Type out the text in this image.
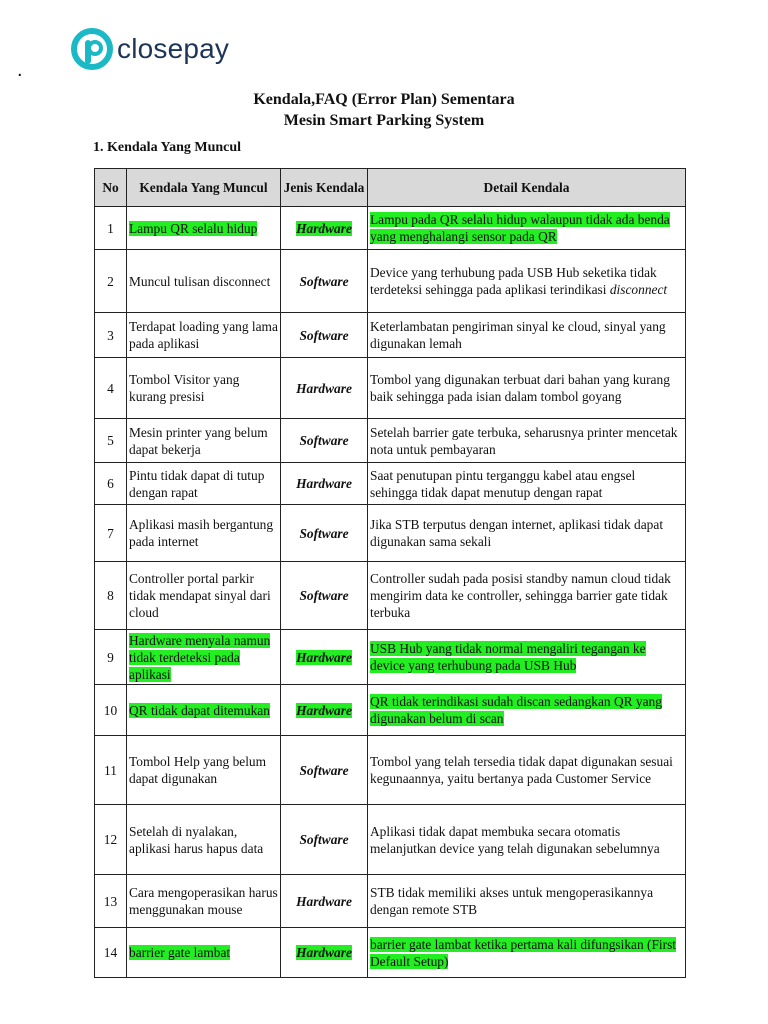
.
closepay
Kendala,FAQ (Error Plan) Sementara
Mesin Smart Parking System
1. Kendala Yang Muncul
No	Kendala Yang Muncul	Jenis Kendala	Detail Kendala
1	Lampu QR selalu hidup	Hardware	Lampu pada QR selalu hidup walaupun tidak ada benda yang menghalangi sensor pada QR
2	Muncul tulisan disconnect	Software	Device yang terhubung pada USB Hub seketika tidak terdeteksi sehingga pada aplikasi terindikasi disconnect
3	Terdapat loading yang lama pada aplikasi	Software	Keterlambatan pengiriman sinyal ke cloud, sinyal yang digunakan lemah
4	Tombol Visitor yang kurang presisi	Hardware	Tombol yang digunakan terbuat dari bahan yang kurang baik sehingga pada isian dalam tombol goyang
5	Mesin printer yang belum dapat bekerja	Software	Setelah barrier gate terbuka, seharusnya printer mencetak nota untuk pembayaran
6	Pintu tidak dapat di tutup dengan rapat	Hardware	Saat penutupan pintu terganggu kabel atau engsel sehingga tidak dapat menutup dengan rapat
7	Aplikasi masih bergantung pada internet	Software	Jika STB terputus dengan internet, aplikasi tidak dapat digunakan sama sekali
8	Controller portal parkir tidak mendapat sinyal dari cloud	Software	Controller sudah pada posisi standby namun cloud tidak mengirim data ke controller, sehingga barrier gate tidak terbuka
9	Hardware menyala namun tidak terdeteksi pada aplikasi	Hardware	USB Hub yang tidak normal mengaliri tegangan ke device yang terhubung pada USB Hub
10	QR tidak dapat ditemukan	Hardware	QR tidak terindikasi sudah discan sedangkan QR yang digunakan belum di scan
11	Tombol Help yang belum dapat digunakan	Software	Tombol yang telah tersedia tidak dapat digunakan sesuai kegunaannya, yaitu bertanya pada Customer Service
12	Setelah di nyalakan, aplikasi harus hapus data	Software	Aplikasi tidak dapat membuka secara otomatis melanjutkan device yang telah digunakan sebelumnya
13	Cara mengoperasikan harus menggunakan mouse	Hardware	STB tidak memiliki akses untuk mengoperasikannya dengan remote STB
14	barrier gate lambat	Hardware	barrier gate lambat ketika pertama kali difungsikan (First Default Setup)
